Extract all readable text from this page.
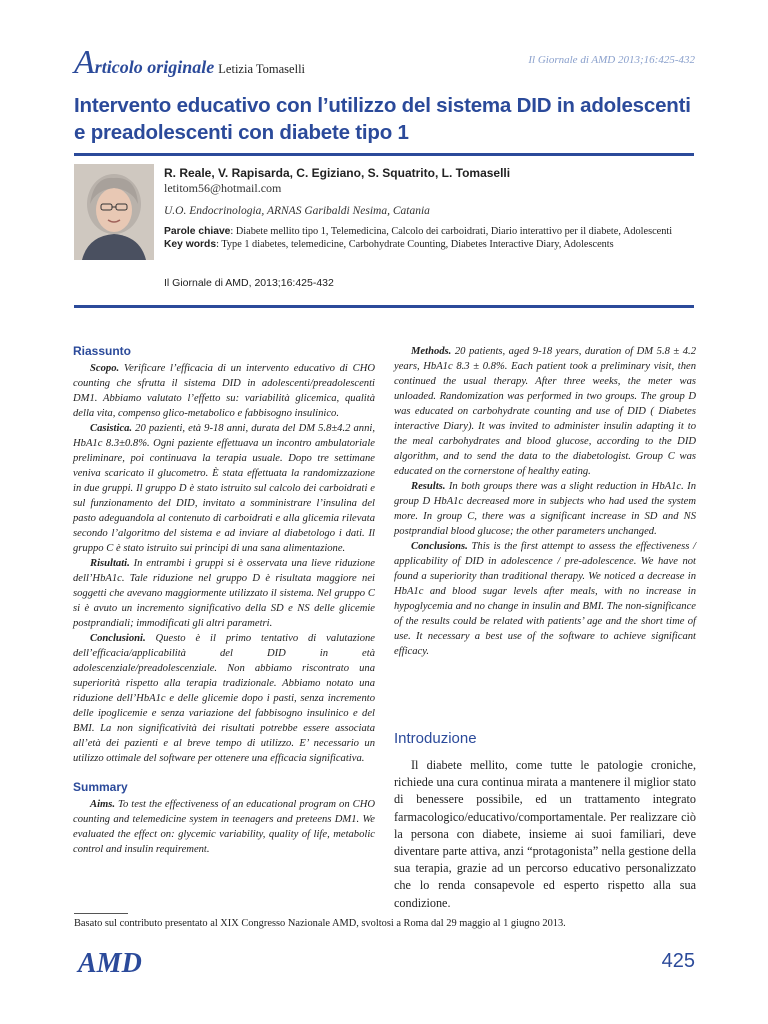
Articolo originale Letizia Tomaselli
Il Giornale di AMD 2013;16:425-432
Intervento educativo con l’utilizzo del sistema DID in adolescenti
e preadolescenti con diabete tipo 1
R. Reale, V. Rapisarda, C. Egiziano, S. Squatrito, L. Tomaselli
letitom56@hotmail.com
U.O. Endocrinologia, ARNAS Garibaldi Nesima, Catania
Parole chiave: Diabete mellito tipo 1, Telemedicina, Calcolo dei carboidrati, Diario interattivo per il diabete, Adolescenti
Key words: Type 1 diabetes, telemedicine, Carbohydrate Counting, Diabetes Interactive Diary, Adolescents
Il Giornale di AMD, 2013;16:425-432
Riassunto

Scopo. Verificare l’efficacia di un intervento educativo di CHO counting che sfrutta il sistema DID in adolescenti/preadolescenti DM1. Abbiamo valutato l’effetto su: variabilità glicemica, qualità della vita, compenso glico-metabolico e fabbisogno insulinico.

Casistica. 20 pazienti, età 9-18 anni, durata del DM 5.8±4.2 anni, HbA1c 8.3±0.8%. Ogni paziente effettuava un incontro ambulatoriale preliminare, poi continuava la terapia usuale. Dopo tre settimane veniva scaricato il glucometro. È stata effettuata la randomizzazione in due gruppi. Il gruppo D è stato istruito sul calcolo dei carboidrati e sul funzionamento del DID, invitato a somministrare l’insulina del pasto adeguandola al contenuto di carboidrati e alla glicemia rilevata secondo l’algoritmo del sistema e ad inviare al diabetologo i dati. Il gruppo C è stato istruito sui principi di una sana alimentazione.

Risultati. In entrambi i gruppi si è osservata una lieve riduzione dell’HbA1c. Tale riduzione nel gruppo D è risultata maggiore nei soggetti che avevano maggiormente utilizzato il sistema. Nel gruppo C si è avuto un incremento significativo della SD e NS delle glicemie postprandiali; immodificati gli altri parametri.

Conclusioni. Questo è il primo tentativo di valutazione dell’efficacia/applicabilità del DID in età adolescenziale/preadolescenziale. Non abbiamo riscontrato una superiorità rispetto alla terapia tradizionale. Abbiamo notato una riduzione dell’HbA1c e delle glicemie dopo i pasti, senza incremento delle ipoglicemie e senza variazione del fabbisogno insulinico e del BMI. La non significatività dei risultati potrebbe essere associata all’età dei pazienti e al breve tempo di utilizzo. E’ necessario un utilizzo ottimale del software per ottenere una efficacia significativa.

Summary

Aims. To test the effectiveness of an educational program on CHO counting and telemedicine system in teenagers and preteens DM1. We evaluated the effect on: glycemic variability, quality of life, metabolic control and insulin requirement.

Methods. 20 patients, aged 9-18 years, duration of DM 5.8 ± 4.2 years, HbA1c 8.3 ± 0.8%. Each patient took a preliminary visit, then continued the usual therapy. After three weeks, the meter was unloaded. Randomization was performed in two groups. The group D was educated on carbohydrate counting and use of DID ( Diabetes interactive Diary). It was invited to administer insulin adapting it to the meal carbohydrates and blood glucose, according to the DID algorithm, and to send the data to the diabetologist. Group C was educated on the cornerstone of healthy eating.

Results. In both groups there was a slight reduction in HbA1c. In group D HbA1c decreased more in subjects who had used the system more. In group C, there was a significant increase in SD and NS postprandial blood glucose; the other parameters unchanged.

Conclusions. This is the first attempt to assess the effectiveness / applicability of DID in adolescence / pre-adolescence. We have not found a superiority than traditional therapy. We noticed a decrease in HbA1c and blood sugar levels after meals, with no increase in hypoglycemia and no change in insulin and BMI. The non-significance of the results could be related with patients’ age and the short time of use. It necessary a best use of the software to achieve significant efficacy.

Introduzione

Il diabete mellito, come tutte le patologie croniche, richiede una cura continua mirata a mantenere il miglior stato di benessere possibile, ed un trattamento integrato farmacologico/educativo/comportamentale. Per realizzare ciò la persona con diabete, insieme ai suoi familiari, deve diventare parte attiva, anzi “protagonista” nella gestione della sua terapia, grazie ad un percorso educativo personalizzato che lo renda consapevole ed esperto rispetto alla sua condizione.

Basato sul contributo presentato al XIX Congresso Nazionale AMD, svoltosi a Roma dal 29 maggio al 1 giugno 2013.
AMD	425
